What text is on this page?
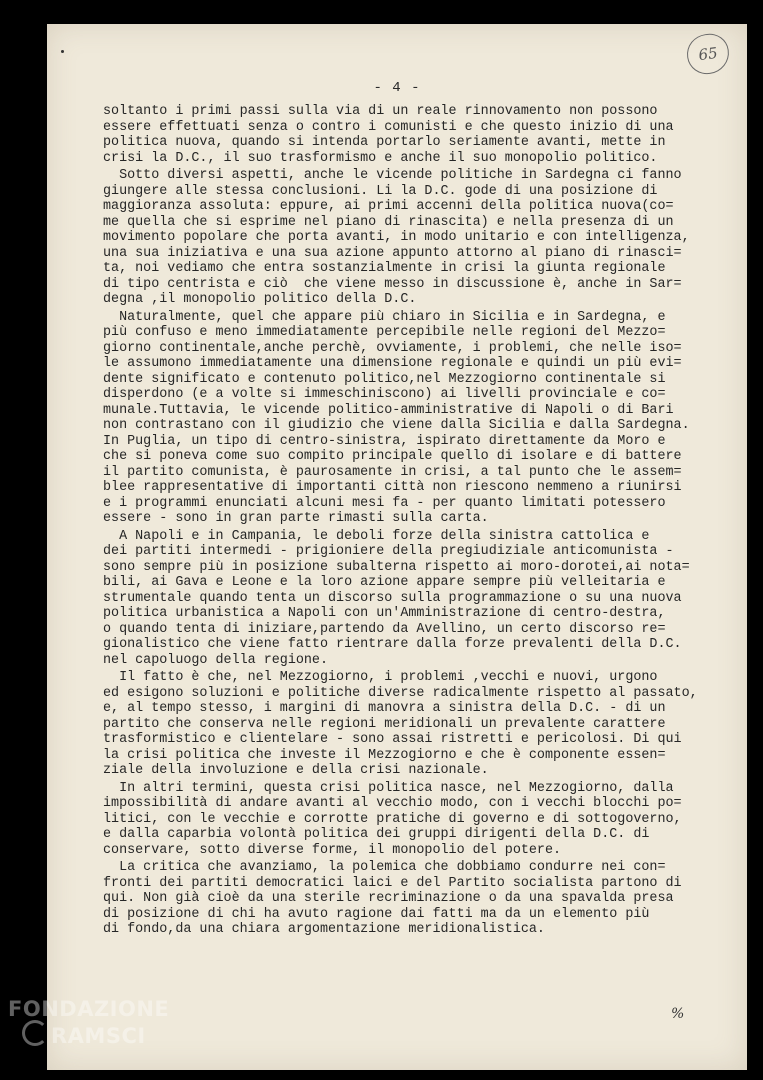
65
- 4 -

soltanto i primi passi sulla via di un reale rinnovamento non possono
essere effettuati senza o contro i comunisti e che questo inizio di una
politica nuova, quando si intenda portarlo seriamente avanti, mette in
crisi la D.C., il suo trasformismo e anche il suo monopolio politico.

Sotto diversi aspetti, anche le vicende politiche in Sardegna ci fanno
giungere alle stessa conclusioni. Li la D.C. gode di una posizione di
maggioranza assoluta: eppure, ai primi accenni della politica nuova(co=
me quella che si esprime nel piano di rinascita) e nella presenza di un
movimento popolare che porta avanti, in modo unitario e con intelligenza,
una sua iniziativa e una sua azione appunto attorno al piano di rinasci=
ta, noi vediamo che entra sostanzialmente in crisi la giunta regionale
di tipo centrista e ciò  che viene messo in discussione è, anche in Sar=
degna ,il monopolio politico della D.C.

Naturalmente, quel che appare più chiaro in Sicilia e in Sardegna, e
più confuso e meno immediatamente percepibile nelle regioni del Mezzo=
giorno continentale,anche perchè, ovviamente, i problemi, che nelle iso=
le assumono immediatamente una dimensione regionale e quindi un più evi=
dente significato e contenuto politico,nel Mezzogiorno continentale si
disperdono (e a volte si immeschiniscono) ai livelli provinciale e co=
munale.Tuttavia, le vicende politico-amministrative di Napoli o di Bari
non contrastano con il giudizio che viene dalla Sicilia e dalla Sardegna.
In Puglia, un tipo di centro-sinistra, ispirato direttamente da Moro e
che si poneva come suo compito principale quello di isolare e di battere
il partito comunista, è paurosamente in crisi, a tal punto che le assem=
blee rappresentative di importanti città non riescono nemmeno a riunirsi
e i programmi enunciati alcuni mesi fa - per quanto limitati potessero
essere - sono in gran parte rimasti sulla carta.

A Napoli e in Campania, le deboli forze della sinistra cattolica e
dei partiti intermedi - prigioniere della pregiudiziale anticomunista -
sono sempre più in posizione subalterna rispetto ai moro-dorotei,ai nota=
bili, ai Gava e Leone e la loro azione appare sempre più velleitaria e
strumentale quando tenta un discorso sulla programmazione o su una nuova
politica urbanistica a Napoli con un'Amministrazione di centro-destra,
o quando tenta di iniziare,partendo da Avellino, un certo discorso re=
gionalistico che viene fatto rientrare dalla forze prevalenti della D.C.
nel capoluogo della regione.

Il fatto è che, nel Mezzogiorno, i problemi ,vecchi e nuovi, urgono
ed esigono soluzioni e politiche diverse radicalmente rispetto al passato,
e, al tempo stesso, i margini di manovra a sinistra della D.C. - di un
partito che conserva nelle regioni meridionali un prevalente carattere
trasformistico e clientelare - sono assai ristretti e pericolosi. Di qui
la crisi politica che investe il Mezzogiorno e che è componente essen=
ziale della involuzione e della crisi nazionale.

In altri termini, questa crisi politica nasce, nel Mezzogiorno, dalla
impossibilità di andare avanti al vecchio modo, con i vecchi blocchi po=
litici, con le vecchie e corrotte pratiche di governo e di sottogoverno,
e dalla caparbia volontà politica dei gruppi dirigenti della D.C. di
conservare, sotto diverse forme, il monopolio del potere.

La critica che avanziamo, la polemica che dobbiamo condurre nei con=
fronti dei partiti democratici laici e del Partito socialista partono di
qui. Non già cioè da una sterile recriminazione o da una spavalda presa
di posizione di chi ha avuto ragione dai fatti ma da un elemento più
di fondo,da una chiara argomentazione meridionalistica.

%
FONDAZIONE
RAMSCI
